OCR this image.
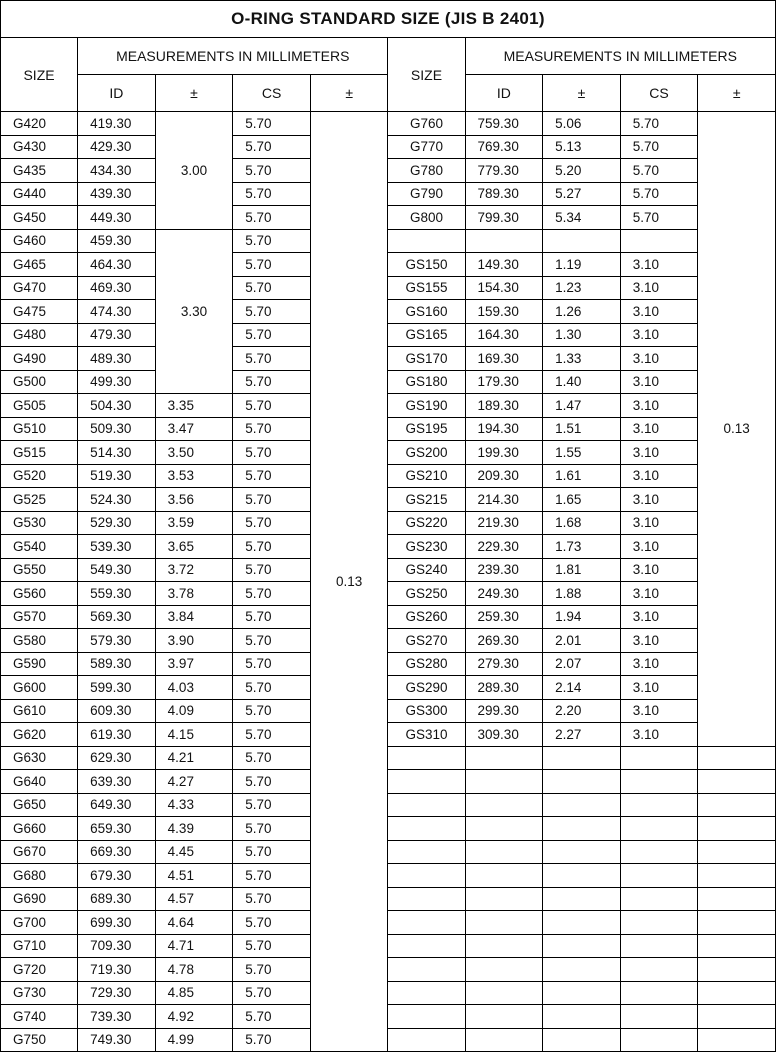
O-RING STANDARD SIZE (JIS B 2401)									
SIZE	MEASUREMENTS IN MILLIMETERS				SIZE	MEASUREMENTS IN MILLIMETERS			
	ID	±	CS	±		ID	±	CS	±
G420	419.30	3.00	5.70	0.13	G760	759.30	5.06	5.70	0.13
G430	429.30		5.70		G770	769.30	5.13	5.70	
G435	434.30		5.70		G780	779.30	5.20	5.70	
G440	439.30		5.70		G790	789.30	5.27	5.70	
G450	449.30		5.70		G800	799.30	5.34	5.70	
G460	459.30	3.30	5.70						
G465	464.30		5.70		GS150	149.30	1.19	3.10	
G470	469.30		5.70		GS155	154.30	1.23	3.10	
G475	474.30		5.70		GS160	159.30	1.26	3.10	
G480	479.30		5.70		GS165	164.30	1.30	3.10	
G490	489.30		5.70		GS170	169.30	1.33	3.10	
G500	499.30		5.70		GS180	179.30	1.40	3.10	
G505	504.30	3.35	5.70		GS190	189.30	1.47	3.10	
G510	509.30	3.47	5.70		GS195	194.30	1.51	3.10	
G515	514.30	3.50	5.70		GS200	199.30	1.55	3.10	
G520	519.30	3.53	5.70		GS210	209.30	1.61	3.10	
G525	524.30	3.56	5.70		GS215	214.30	1.65	3.10	
G530	529.30	3.59	5.70		GS220	219.30	1.68	3.10	
G540	539.30	3.65	5.70		GS230	229.30	1.73	3.10	
G550	549.30	3.72	5.70		GS240	239.30	1.81	3.10	
G560	559.30	3.78	5.70		GS250	249.30	1.88	3.10	
G570	569.30	3.84	5.70		GS260	259.30	1.94	3.10	
G580	579.30	3.90	5.70		GS270	269.30	2.01	3.10	
G590	589.30	3.97	5.70		GS280	279.30	2.07	3.10	
G600	599.30	4.03	5.70		GS290	289.30	2.14	3.10	
G610	609.30	4.09	5.70		GS300	299.30	2.20	3.10	
G620	619.30	4.15	5.70		GS310	309.30	2.27	3.10	
G630	629.30	4.21	5.70						
G640	639.30	4.27	5.70						
G650	649.30	4.33	5.70						
G660	659.30	4.39	5.70						
G670	669.30	4.45	5.70						
G680	679.30	4.51	5.70						
G690	689.30	4.57	5.70						
G700	699.30	4.64	5.70						
G710	709.30	4.71	5.70						
G720	719.30	4.78	5.70						
G730	729.30	4.85	5.70						
G740	739.30	4.92	5.70						
G750	749.30	4.99	5.70						
